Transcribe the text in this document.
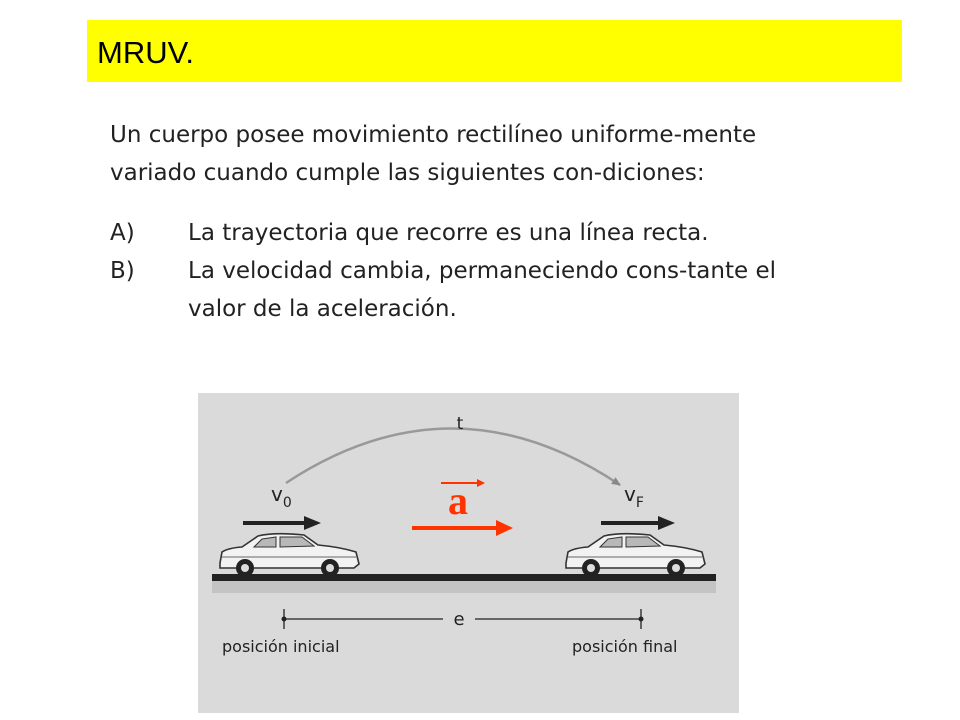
MRUV.

Un cuerpo posee movimiento rectilíneo uniforme-mente variado cuando cumple las siguientes con-diciones:

A)	La trayectoria que recorre es una línea recta.
B)	La velocidad cambia, permaneciendo cons-tante el valor de la aceleración.
t
$v_0$	$v_F$
a
e
posición inicial	posición final
